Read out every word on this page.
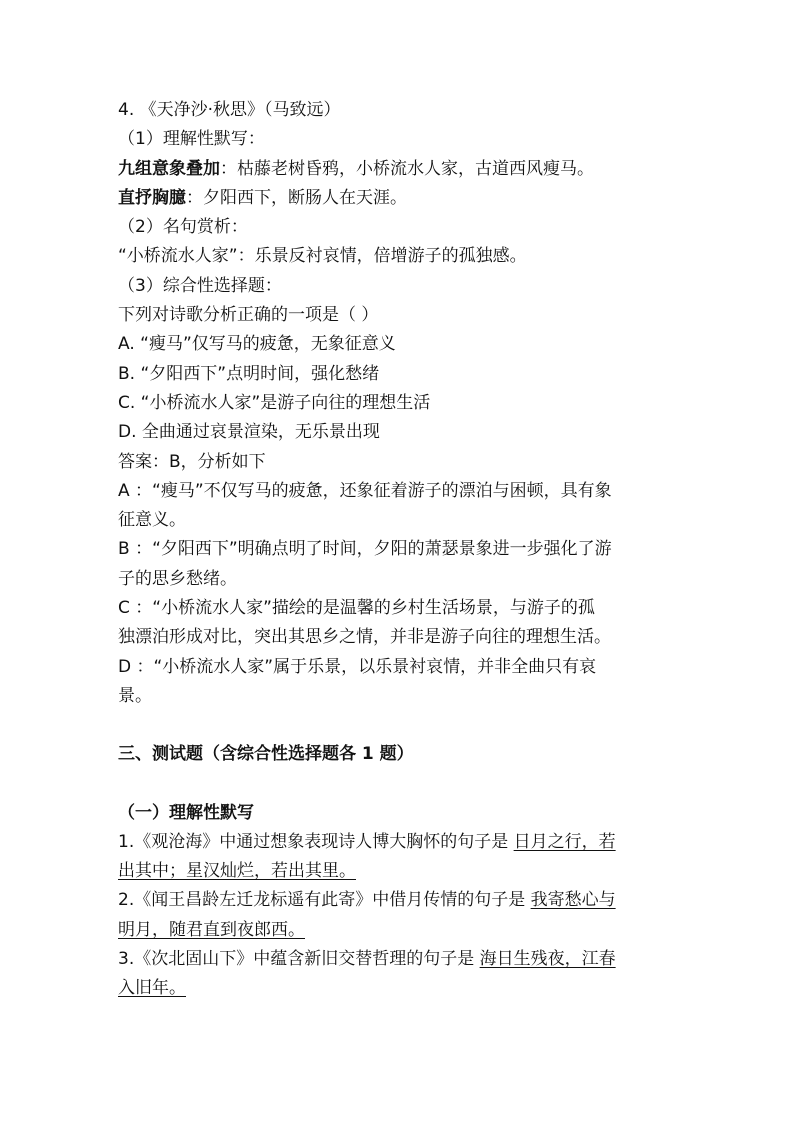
4. 《天净沙·秋思》（马致远）
（1）理解性默写：
九组意象叠加：枯藤老树昏鸦，小桥流水人家，古道西风瘦马。
直抒胸臆：夕阳西下，断肠人在天涯。
（2）名句赏析：
“小桥流水人家”：乐景反衬哀情，倍增游子的孤独感。
（3）综合性选择题：
下列对诗歌分析正确的一项是（ ）
A. “瘦马”仅写马的疲惫，无象征意义
B. “夕阳西下”点明时间，强化愁绪
C. “小桥流水人家”是游子向往的理想生活
D. 全曲通过哀景渲染，无乐景出现
答案：B，分析如下
A ：“瘦马”不仅写马的疲惫，还象征着游子的漂泊与困顿，具有象
征意义。
B ：“夕阳西下”明确点明了时间，夕阳的萧瑟景象进一步强化了游
子的思乡愁绪。
C ：“小桥流水人家”描绘的是温馨的乡村生活场景，与游子的孤
独漂泊形成对比，突出其思乡之情，并非是游子向往的理想生活。
D ：“小桥流水人家”属于乐景，以乐景衬哀情，并非全曲只有哀
景。
三、测试题（含综合性选择题各 1 题）
（一）理解性默写
1.《观沧海》中通过想象表现诗人博大胸怀的句子是 日月之行，若
出其中；星汉灿烂，若出其里。
2.《闻王昌龄左迁龙标遥有此寄》中借月传情的句子是 我寄愁心与
明月，随君直到夜郎西。
3.《次北固山下》中蕴含新旧交替哲理的句子是 海日生残夜，江春
入旧年。
